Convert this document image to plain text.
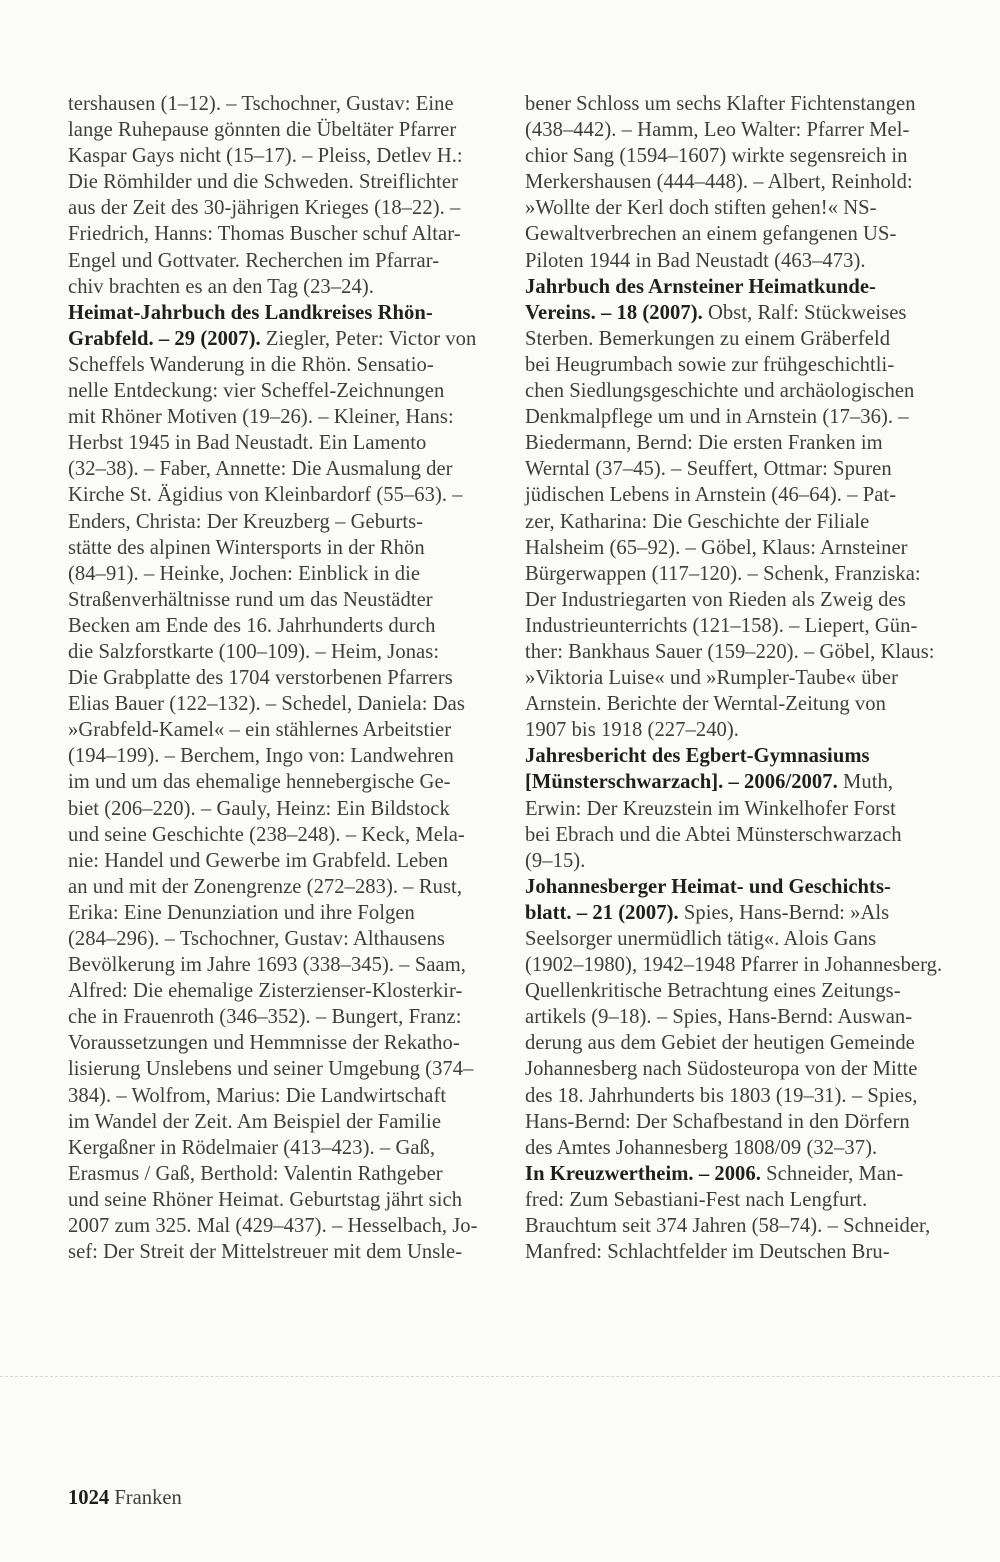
tershausen (1–12). – Tschochner, Gustav: Eine
lange Ruhepause gönnten die Übeltäter Pfarrer
Kaspar Gays nicht (15–17). – Pleiss, Detlev H.:
Die Römhilder und die Schweden. Streiflichter
aus der Zeit des 30-jährigen Krieges (18–22). –
Friedrich, Hanns: Thomas Buscher schuf Altar-
Engel und Gottvater. Recherchen im Pfarrar-
chiv brachten es an den Tag (23–24).
Heimat-Jahrbuch des Landkreises Rhön-
Grabfeld. – 29 (2007). Ziegler, Peter: Victor von
Scheffels Wanderung in die Rhön. Sensatio-
nelle Entdeckung: vier Scheffel-Zeichnungen
mit Rhöner Motiven (19–26). – Kleiner, Hans:
Herbst 1945 in Bad Neustadt. Ein Lamento
(32–38). – Faber, Annette: Die Ausmalung der
Kirche St. Ägidius von Kleinbardorf (55–63). –
Enders, Christa: Der Kreuzberg – Geburts-
stätte des alpinen Wintersports in der Rhön
(84–91). – Heinke, Jochen: Einblick in die
Straßenverhältnisse rund um das Neustädter
Becken am Ende des 16. Jahrhunderts durch
die Salzforstkarte (100–109). – Heim, Jonas:
Die Grabplatte des 1704 verstorbenen Pfarrers
Elias Bauer (122–132). – Schedel, Daniela: Das
»Grabfeld-Kamel« – ein stählernes Arbeitstier
(194–199). – Berchem, Ingo von: Landwehren
im und um das ehemalige hennebergische Ge-
biet (206–220). – Gauly, Heinz: Ein Bildstock
und seine Geschichte (238–248). – Keck, Mela-
nie: Handel und Gewerbe im Grabfeld. Leben
an und mit der Zonengrenze (272–283). – Rust,
Erika: Eine Denunziation und ihre Folgen
(284–296). – Tschochner, Gustav: Althausens
Bevölkerung im Jahre 1693 (338–345). – Saam,
Alfred: Die ehemalige Zisterzienser-Klosterkir-
che in Frauenroth (346–352). – Bungert, Franz:
Voraussetzungen und Hemmnisse der Rekatho-
lisierung Unslebens und seiner Umgebung (374–
384). – Wolfrom, Marius: Die Landwirtschaft
im Wandel der Zeit. Am Beispiel der Familie
Kergaßner in Rödelmaier (413–423). – Gaß,
Erasmus / Gaß, Berthold: Valentin Rathgeber
und seine Rhöner Heimat. Geburtstag jährt sich
2007 zum 325. Mal (429–437). – Hesselbach, Jo-
sef: Der Streit der Mittelstreuer mit dem Unsle-
bener Schloss um sechs Klafter Fichtenstangen
(438–442). – Hamm, Leo Walter: Pfarrer Mel-
chior Sang (1594–1607) wirkte segensreich in
Merkershausen (444–448). – Albert, Reinhold:
»Wollte der Kerl doch stiften gehen!« NS-
Gewaltverbrechen an einem gefangenen US-
Piloten 1944 in Bad Neustadt (463–473).
Jahrbuch des Arnsteiner Heimatkunde-
Vereins. – 18 (2007). Obst, Ralf: Stückweises
Sterben. Bemerkungen zu einem Gräberfeld
bei Heugrumbach sowie zur frühgeschichtli-
chen Siedlungsgeschichte und archäologischen
Denkmalpflege um und in Arnstein (17–36). –
Biedermann, Bernd: Die ersten Franken im
Werntal (37–45). – Seuffert, Ottmar: Spuren
jüdischen Lebens in Arnstein (46–64). – Pat-
zer, Katharina: Die Geschichte der Filiale
Halsheim (65–92). – Göbel, Klaus: Arnsteiner
Bürgerwappen (117–120). – Schenk, Franziska:
Der Industriegarten von Rieden als Zweig des
Industrieunterrichts (121–158). – Liepert, Gün-
ther: Bankhaus Sauer (159–220). – Göbel, Klaus:
»Viktoria Luise« und »Rumpler-Taube« über
Arnstein. Berichte der Werntal-Zeitung von
1907 bis 1918 (227–240).
Jahresbericht des Egbert-Gymnasiums
[Münsterschwarzach]. – 2006/2007. Muth,
Erwin: Der Kreuzstein im Winkelhofer Forst
bei Ebrach und die Abtei Münsterschwarzach
(9–15).
Johannesberger Heimat- und Geschichts-
blatt. – 21 (2007). Spies, Hans-Bernd: »Als
Seelsorger unermüdlich tätig«. Alois Gans
(1902–1980), 1942–1948 Pfarrer in Johannesberg.
Quellenkritische Betrachtung eines Zeitungs-
artikels (9–18). – Spies, Hans-Bernd: Auswan-
derung aus dem Gebiet der heutigen Gemeinde
Johannesberg nach Südosteuropa von der Mitte
des 18. Jahrhunderts bis 1803 (19–31). – Spies,
Hans-Bernd: Der Schafbestand in den Dörfern
des Amtes Johannesberg 1808/09 (32–37).
In Kreuzwertheim. – 2006. Schneider, Man-
fred: Zum Sebastiani-Fest nach Lengfurt.
Brauchtum seit 374 Jahren (58–74). – Schneider,
Manfred: Schlachtfelder im Deutschen Bru-
1024 Franken
